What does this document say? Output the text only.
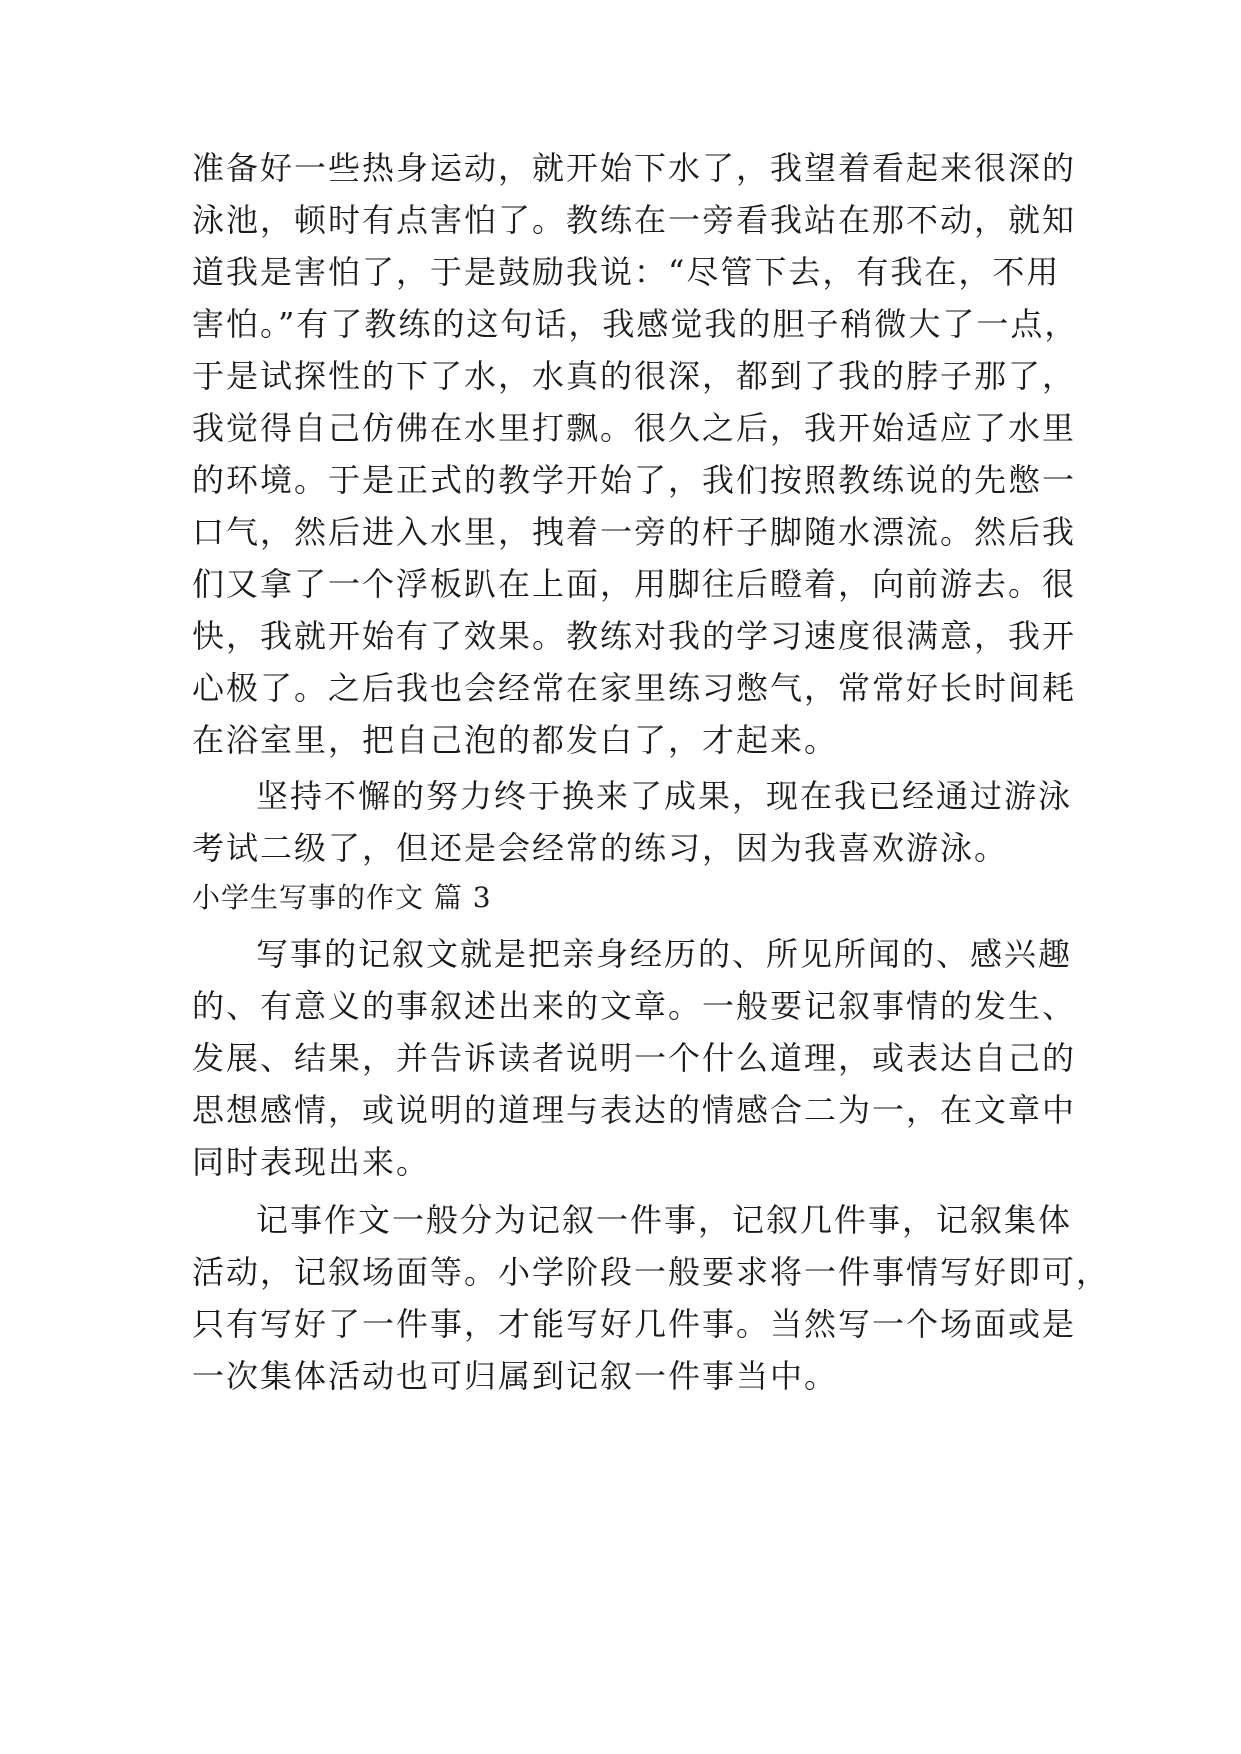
准备好一些热身运动，就开始下水了，我望着看起来很深的
泳池，顿时有点害怕了。教练在一旁看我站在那不动，就知
道我是害怕了，于是鼓励我说：“尽管下去，有我在，不用
害怕。”有了教练的这句话，我感觉我的胆子稍微大了一点，
于是试探性的下了水，水真的很深，都到了我的脖子那了，
我觉得自己仿佛在水里打飘。很久之后，我开始适应了水里
的环境。于是正式的教学开始了，我们按照教练说的先憋一
口气，然后进入水里，拽着一旁的杆子脚随水漂流。然后我
们又拿了一个浮板趴在上面，用脚往后瞪着，向前游去。很
快，我就开始有了效果。教练对我的学习速度很满意，我开
心极了。之后我也会经常在家里练习憋气，常常好长时间耗
在浴室里，把自己泡的都发白了，才起来。
坚持不懈的努力终于换来了成果，现在我已经通过游泳
考试二级了，但还是会经常的练习，因为我喜欢游泳。
小学生写事的作文 篇 3
写事的记叙文就是把亲身经历的、所见所闻的、感兴趣
的、有意义的事叙述出来的文章。一般要记叙事情的发生、
发展、结果，并告诉读者说明一个什么道理，或表达自己的
思想感情，或说明的道理与表达的情感合二为一，在文章中
同时表现出来。
记事作文一般分为记叙一件事，记叙几件事，记叙集体
活动，记叙场面等。小学阶段一般要求将一件事情写好即可，
只有写好了一件事，才能写好几件事。当然写一个场面或是
一次集体活动也可归属到记叙一件事当中。
